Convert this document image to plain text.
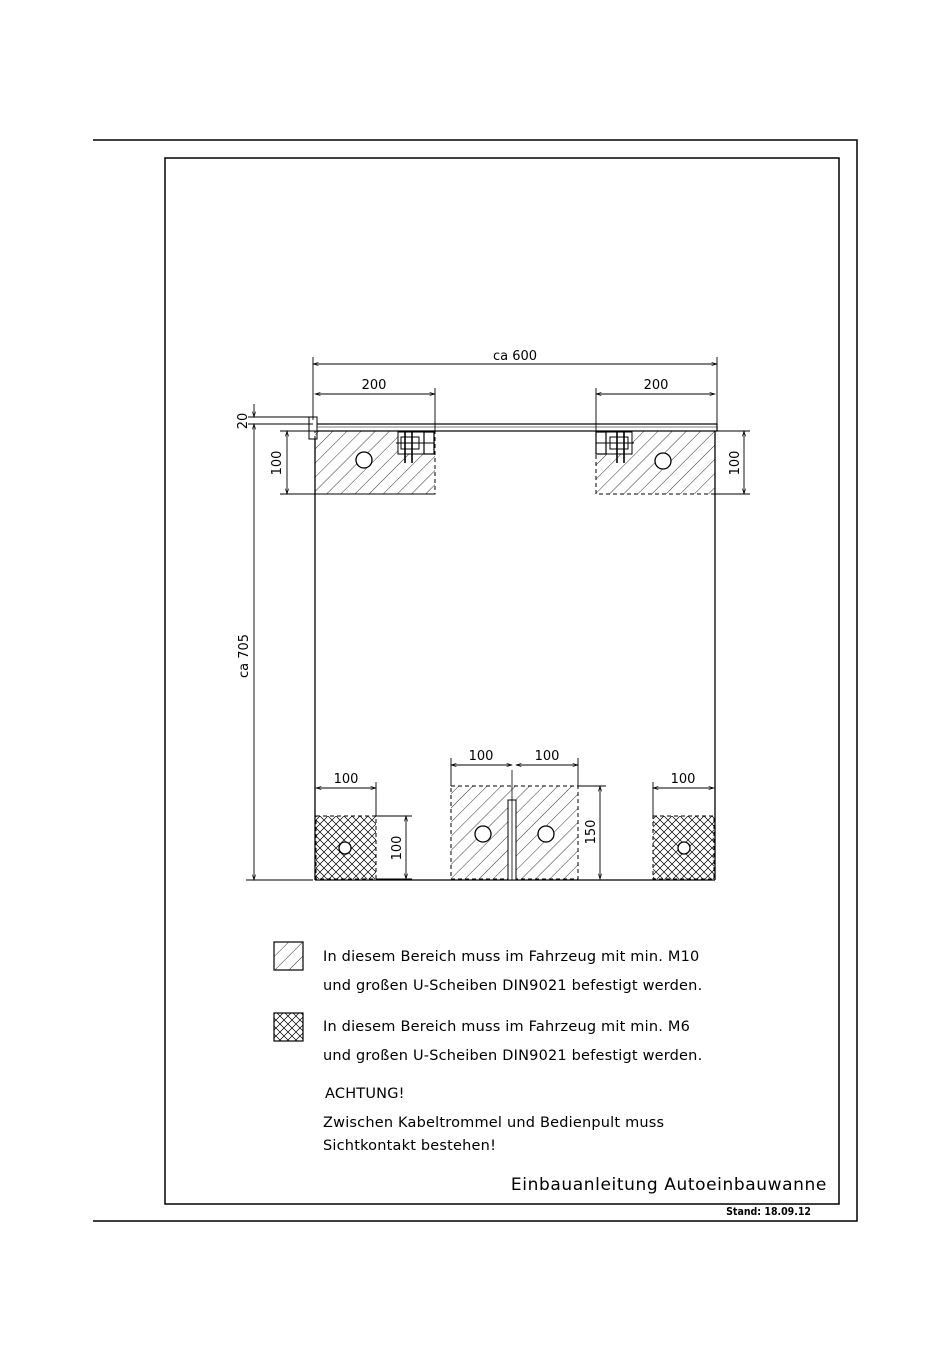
ca 600
200	200
20
ca 705
100	100
100
100	100
100
100
150
In diesem Bereich muss im Fahrzeug mit min. M10
und großen U-Scheiben DIN9021 befestigt werden.
In diesem Bereich muss im Fahrzeug mit min. M6
und großen U-Scheiben DIN9021 befestigt werden.
ACHTUNG!
Zwischen Kabeltrommel und Bedienpult muss
Sichtkontakt bestehen!
Einbauanleitung Autoeinbauwanne
Stand: 18.09.12
